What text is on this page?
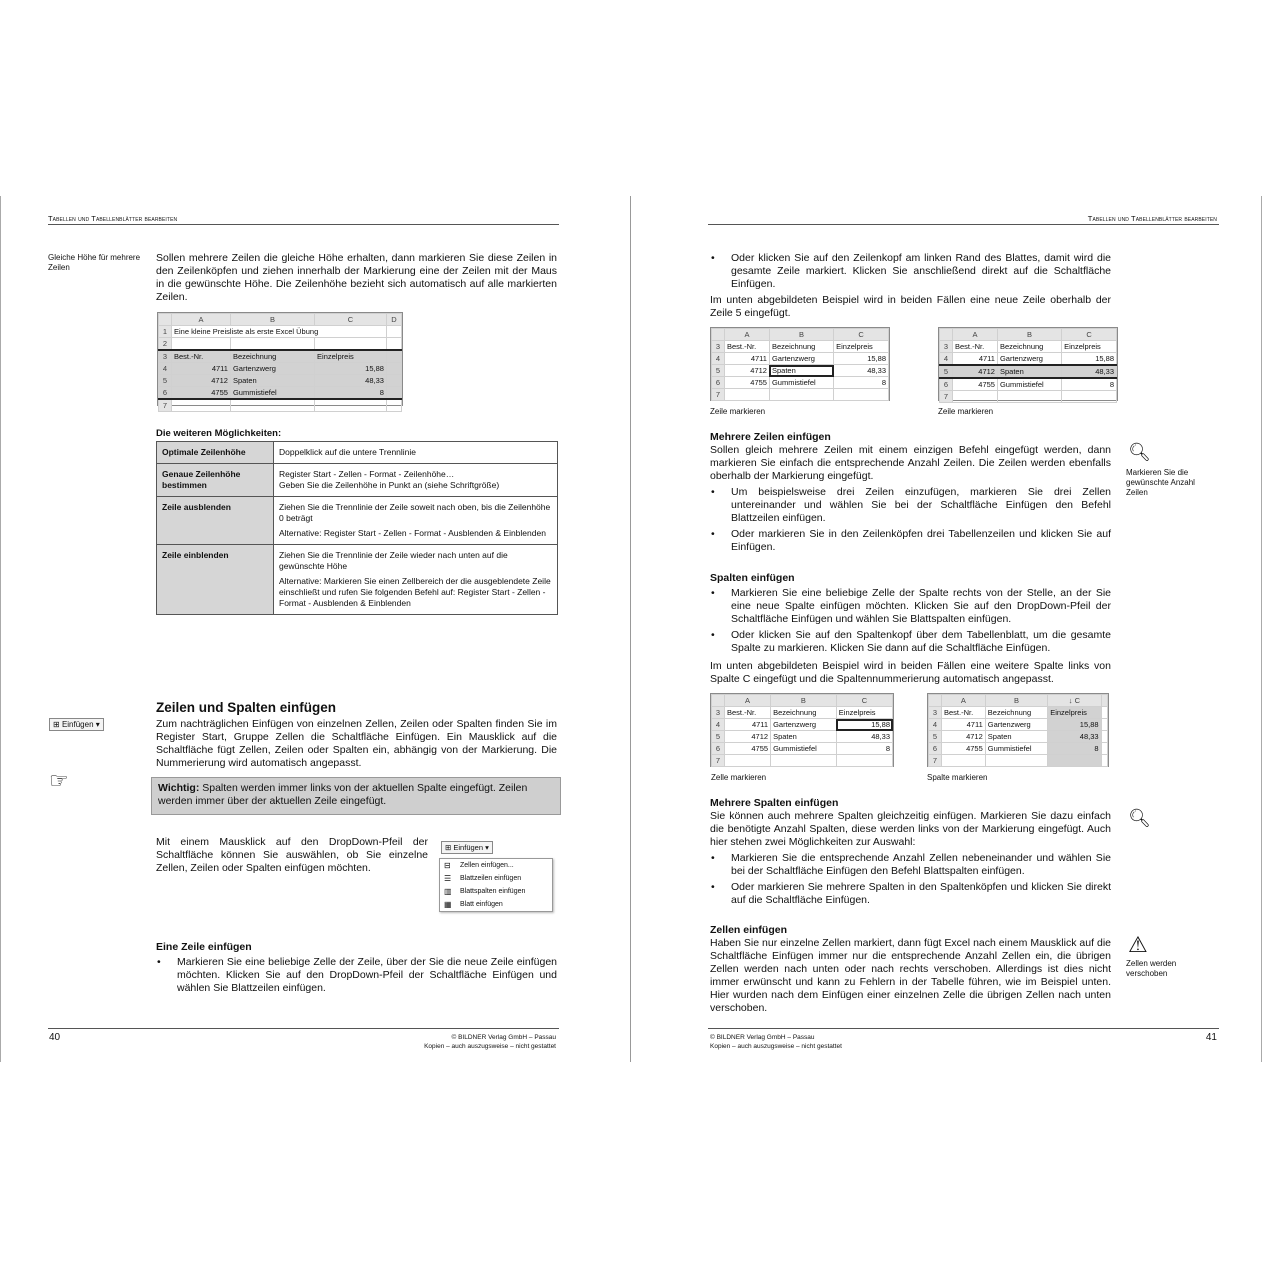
Tabellen und Tabellenblätter bearbeiten
Gleiche Höhe für mehrere Zeilen
Sollen mehrere Zeilen die gleiche Höhe erhalten, dann markieren Sie diese Zeilen in den Zeilenköpfen und ziehen innerhalb der Markierung eine der Zeilen mit der Maus in die gewünschte Höhe. Die Zeilenhöhe bezieht sich automatisch auf alle markierten Zeilen.
	A	B	C	D
1	Eine kleine Preisliste als erste Excel Übung			
2				
3	Best.-Nr.	Bezeichnung	Einzelpreis	
4	4711	Gartenzwerg	15,88	
5	4712	Spaten	48,33	
6	4755	Gummistiefel	8	
7				
Die weiteren Möglichkeiten:
Optimale Zeilenhöhe	Doppelklick auf die untere Trennlinie

Genaue Zeilenhöhe bestimmen	Register Start - Zellen - Format - Zeilenhöhe…
Geben Sie die Zeilenhöhe in Punkt an (siehe Schriftgröße)

Zeile ausblenden	Ziehen Sie die Trennlinie der Zeile soweit nach oben, bis die Zeilenhöhe 0 beträgt
Alternative: Register Start - Zellen - Format - Ausblenden & Einblenden

Zeile einblenden	Ziehen Sie die Trennlinie der Zeile wieder nach unten auf die gewünschte Höhe
Alternative: Markieren Sie einen Zellbereich der die ausgeblendete Zeile einschließt und rufen Sie folgenden Befehl auf: Register Start - Zellen - Format - Ausblenden & Einblenden
Zeilen und Spalten einfügen
⊞ Einfügen ▾	Zum nachträglichen Einfügen von einzelnen Zellen, Zeilen oder Spalten finden Sie im Register Start, Gruppe Zellen die Schaltfläche Einfügen. Ein Mausklick auf die Schaltfläche fügt Zellen, Zeilen oder Spalten ein, abhängig von der Markierung. Die Nummerierung wird automatisch angepasst.
☞	Wichtig: Spalten werden immer links von der aktuellen Spalte eingefügt. Zeilen werden immer über der aktuellen Zeile eingefügt.
Mit einem Mausklick auf den DropDown-Pfeil der Schaltfläche können Sie auswählen, ob Sie einzelne Zellen, Zeilen oder Spalten einfügen möchten.
⊞ Einfügen ▾
⊟ Zellen einfügen...
☰ Blattzeilen einfügen
▥ Blattspalten einfügen
▦ Blatt einfügen
Eine Zeile einfügen
• Markieren Sie eine beliebige Zelle der Zeile, über der Sie die neue Zeile einfügen möchten. Klicken Sie auf den DropDown-Pfeil der Schaltfläche Einfügen und wählen Sie Blattzeilen einfügen.
40	© BILDNER Verlag GmbH – Passau
Kopien – auch auszugsweise – nicht gestattet
Tabellen und Tabellenblätter bearbeiten
• Oder klicken Sie auf den Zeilenkopf am linken Rand des Blattes, damit wird die gesamte Zeile markiert. Klicken Sie anschließend direkt auf die Schaltfläche Einfügen.
Im unten abgebildeten Beispiel wird in beiden Fällen eine neue Zeile oberhalb der Zeile 5 eingefügt.
	A	B	C
3	Best.-Nr.	Bezeichnung	Einzelpreis
4	4711	Gartenzwerg	15,88
5	4712	Spaten	48,33
6	4755	Gummistiefel	8
7			
Zeile markieren
	A	B	C
3	Best.-Nr.	Bezeichnung	Einzelpreis
4	4711	Gartenzwerg	15,88
5	4712	Spaten	48,33
6	4755	Gummistiefel	8
7			
Zeile markieren
Mehrere Zeilen einfügen
Sollen gleich mehrere Zeilen mit einem einzigen Befehl eingefügt werden, dann markieren Sie einfach die entsprechende Anzahl Zeilen. Die Zeilen werden ebenfalls oberhalb der Markierung eingefügt.
• Um beispielsweise drei Zeilen einzufügen, markieren Sie drei Zellen untereinander und wählen Sie bei der Schaltfläche Einfügen den Befehl Blattzeilen einfügen.
• Oder markieren Sie in den Zeilenköpfen drei Tabellenzeilen und klicken Sie auf Einfügen.
🔍︎
Markieren Sie die gewünschte Anzahl Zeilen
Spalten einfügen
• Markieren Sie eine beliebige Zelle der Spalte rechts von der Stelle, an der Sie eine neue Spalte einfügen möchten. Klicken Sie auf den DropDown-Pfeil der Schaltfläche Einfügen und wählen Sie Blattspalten einfügen.
• Oder klicken Sie auf den Spaltenkopf über dem Tabellenblatt, um die gesamte Spalte zu markieren. Klicken Sie dann auf die Schaltfläche Einfügen.
Im unten abgebildeten Beispiel wird in beiden Fällen eine weitere Spalte links von Spalte C eingefügt und die Spaltennummerierung automatisch angepasst.
	A	B	C
3	Best.-Nr.	Bezeichnung	Einzelpreis
4	4711	Gartenzwerg	15,88
5	4712	Spaten	48,33
6	4755	Gummistiefel	8
7			
Zelle markieren
	A	B	↓ C	
3	Best.-Nr.	Bezeichnung	Einzelpreis	
4	4711	Gartenzwerg	15,88	
5	4712	Spaten	48,33	
6	4755	Gummistiefel	8	
7				
Spalte markieren
Mehrere Spalten einfügen
Sie können auch mehrere Spalten gleichzeitig einfügen. Markieren Sie dazu einfach die benötigte Anzahl Spalten, diese werden links von der Markierung eingefügt. Auch hier stehen zwei Möglichkeiten zur Auswahl:
🔍︎
• Markieren Sie die entsprechende Anzahl Zellen nebeneinander und wählen Sie bei der Schaltfläche Einfügen den Befehl Blattspalten einfügen.
• Oder markieren Sie mehrere Spalten in den Spaltenköpfen und klicken Sie direkt auf die Schaltfläche Einfügen.
Zellen einfügen
Haben Sie nur einzelne Zellen markiert, dann fügt Excel nach einem Mausklick auf die Schaltfläche Einfügen immer nur die entsprechende Anzahl Zellen ein, die übrigen Zellen werden nach unten oder nach rechts verschoben. Allerdings ist dies nicht immer erwünscht und kann zu Fehlern in der Tabelle führen, wie im Beispiel unten. Hier wurden nach dem Einfügen einer einzelnen Zelle die übrigen Zellen nach unten verschoben.
⚠
Zellen werden verschoben
© BILDNER Verlag GmbH – Passau
Kopien – auch auszugsweise – nicht gestattet
41
